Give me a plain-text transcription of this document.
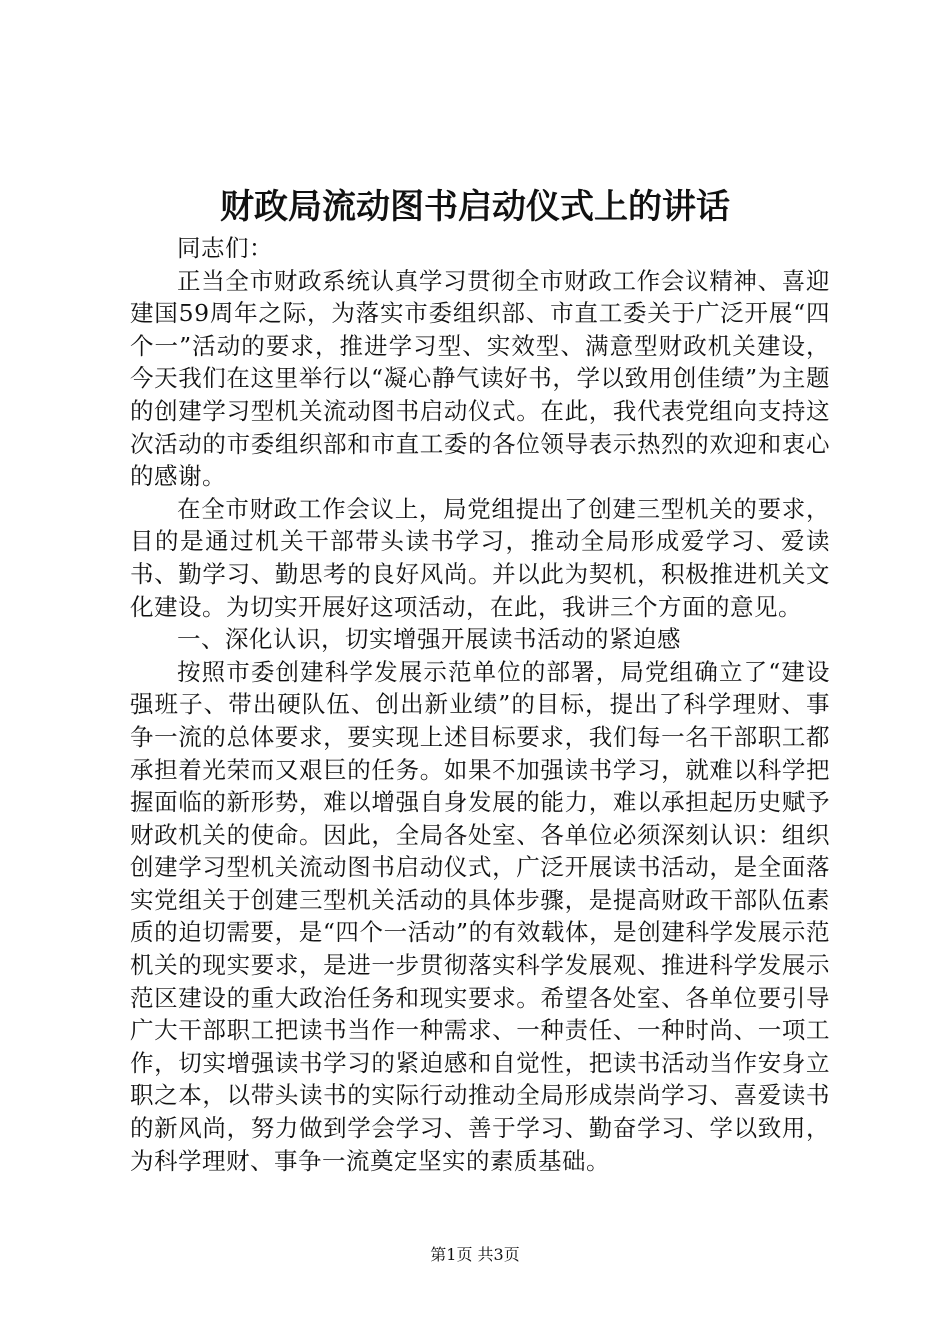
财政局流动图书启动仪式上的讲话

同志们：

正当全市财政系统认真学习贯彻全市财政工作会议精神、喜迎建国59周年之际，为落实市委组织部、市直工委关于广泛开展“四个一”活动的要求，推进学习型、实效型、满意型财政机关建设，今天我们在这里举行以“凝心静气读好书，学以致用创佳绩”为主题的创建学习型机关流动图书启动仪式。在此，我代表党组向支持这次活动的市委组织部和市直工委的各位领导表示热烈的欢迎和衷心的感谢。

在全市财政工作会议上，局党组提出了创建三型机关的要求，目的是通过机关干部带头读书学习，推动全局形成爱学习、爱读书、勤学习、勤思考的良好风尚。并以此为契机，积极推进机关文化建设。为切实开展好这项活动，在此，我讲三个方面的意见。

一、深化认识，切实增强开展读书活动的紧迫感

按照市委创建科学发展示范单位的部署，局党组确立了“建设强班子、带出硬队伍、创出新业绩”的目标，提出了科学理财、事争一流的总体要求，要实现上述目标要求，我们每一名干部职工都承担着光荣而又艰巨的任务。如果不加强读书学习，就难以科学把握面临的新形势，难以增强自身发展的能力，难以承担起历史赋予财政机关的使命。因此，全局各处室、各单位必须深刻认识：组织创建学习型机关流动图书启动仪式，广泛开展读书活动，是全面落实党组关于创建三型机关活动的具体步骤，是提高财政干部队伍素质的迫切需要，是“四个一活动”的有效载体，是创建科学发展示范机关的现实要求，是进一步贯彻落实科学发展观、推进科学发展示范区建设的重大政治任务和现实要求。希望各处室、各单位要引导广大干部职工把读书当作一种需求、一种责任、一种时尚、一项工作，切实增强读书学习的紧迫感和自觉性，把读书活动当作安身立职之本，以带头读书的实际行动推动全局形成崇尚学习、喜爱读书的新风尚，努力做到学会学习、善于学习、勤奋学习、学以致用，为科学理财、事争一流奠定坚实的素质基础。

第1页 共3页
